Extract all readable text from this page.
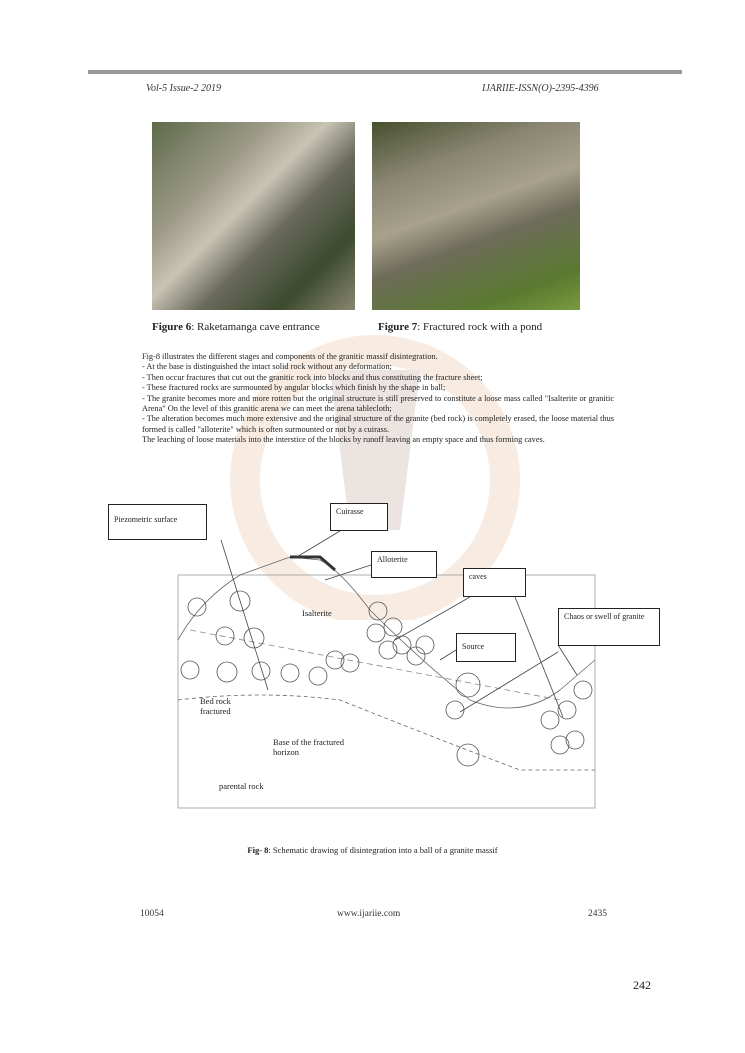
Vol-5 Issue-2 2019	IJARIIE-ISSN(O)-2395-4396
Figure 6: Raketamanga cave entrance	Figure 7: Fractured rock with a pond
Fig-8 illustrates the different stages and components of the granitic massif disintegration.
- At the base is distinguished the intact solid rock without any deformation;
- Then occur fractures that cut out the granitic rock into blocks and thus constituting the fracture sheet;
- These fractured rocks are surmounted by angular blocks which finish by the shape in ball;
- The granite becomes more and more rotten but the original structure is still preserved to constitute a loose mass called "Isalterite or granitic Arena" On the level of this granitic arena we can meet the arena tablecloth;
- The alteration becomes much more extensive and the original structure of the granite (bed rock) is completely erased, the loose material thus formed is called "alloterite" which is often surmounted or not by a cuirass.
The leaching of loose materials into the interstice of the blocks by runoff leaving an empty space and thus forming caves.
Piezometric surface
Cuirasse
Alloterite
caves
Chaos or swell of granite
Source
Isalterite
Bed rock fractured
Base of the fractured horizon
parental rock
Fig- 8: Schematic drawing of disintegration into a ball of a granite massif
10054	www.ijariie.com	2435
242
